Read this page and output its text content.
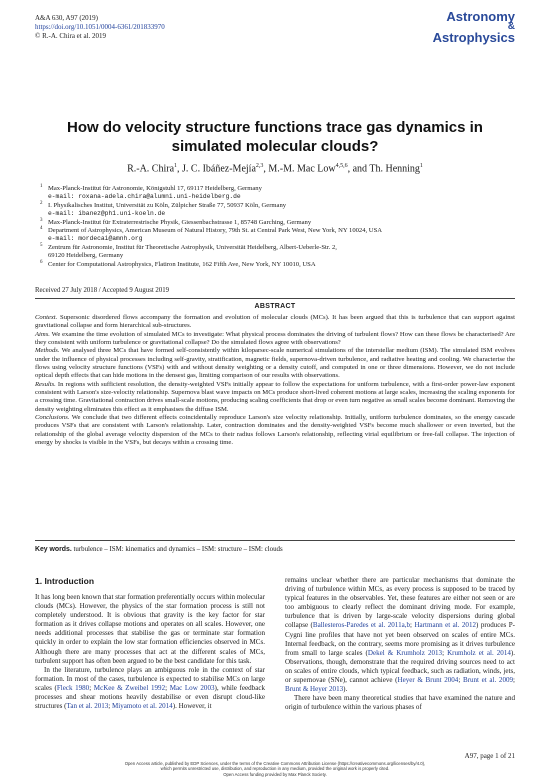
A&A 630, A97 (2019)
https://doi.org/10.1051/0004-6361/201833970
© R.-A. Chira et al. 2019
Astronomy
&
Astrophysics
How do velocity structure functions trace gas dynamics in
simulated molecular clouds?
R.-A. Chira$^1$, J. C. Ibáñez-Mejía$^{2,3}$, M.-M. Mac Low$^{4,5,6}$, and Th. Henning$^1$
1 Max-Planck-Institut für Astronomie, Königstuhl 17, 69117 Heidelberg, Germany
e-mail: roxana-adela.chira@alumni.uni-heidelberg.de
2 I. Physikalisches Institut, Universität zu Köln, Zülpicher Straße 77, 50937 Köln, Germany
e-mail: ibanez@ph1.uni-koeln.de
3 Max-Planck-Institut für Extraterrestrische Physik, Giessenbachstrasse 1, 85748 Garching, Germany
4 Department of Astrophysics, American Museum of Natural History, 79th St. at Central Park West, New York, NY 10024, USA
e-mail: mordecai@amnh.org
5 Zentrum für Astronomie, Institut für Theoretische Astrophysik, Universität Heidelberg, Albert-Ueberle-Str. 2,
69120 Heidelberg, Germany
6 Center for Computational Astrophysics, Flatiron Institute, 162 Fifth Ave, New York, NY 10010, USA
Received 27 July 2018 / Accepted 9 August 2019
ABSTRACT

Context. Supersonic disordered flows accompany the formation and evolution of molecular clouds (MCs). It has been argued that this is turbulence that can support against gravitational collapse and form hierarchical sub-structures.

Aims. We examine the time evolution of simulated MCs to investigate: What physical process dominates the driving of turbulent flows? How can these flows be characterised? Are they consistent with uniform turbulence or gravitational collapse? Do the simulated flows agree with observations?

Methods. We analysed three MCs that have formed self-consistently within kiloparsec-scale numerical simulations of the interstellar medium (ISM). The simulated ISM evolves under the influence of physical processes including self-gravity, stratification, magnetic fields, supernova-driven turbulence, and radiative heating and cooling. We characterise the flows using velocity structure functions (VSFs) with and without density weighting or a density cutoff, and computed in one or three dimensions. However, we do not include optical depth effects that can hide motions in the densest gas, limiting comparison of our results with observations.

Results. In regions with sufficient resolution, the density-weighted VSFs initially appear to follow the expectations for uniform turbulence, with a first-order power-law exponent consistent with Larson's size-velocity relationship. Supernova blast wave impacts on MCs produce short-lived coherent motions at large scales, increasing the scaling exponents for a crossing time. Gravitational contraction drives small-scale motions, producing scaling coefficients that drop or even turn negative as small scales become dominant. Removing the density weighting eliminates this effect as it emphasises the diffuse ISM.

Conclusions. We conclude that two different effects coincidentally reproduce Larson's size velocity relationship. Initially, uniform turbulence dominates, so the energy cascade produces VSFs that are consistent with Larson's relationship. Later, contraction dominates and the density-weighted VSFs become much shallower or even inverted, but the relationship of the global average velocity dispersion of the MCs to their radius follows Larson's relationship, reflecting virial equilibrium or free-fall collapse. The injection of energy by shocks is visible in the VSFs, but decays within a crossing time.

Key words. turbulence – ISM: kinematics and dynamics – ISM: structure – ISM: clouds
1. Introduction

It has long been known that star formation preferentially occurs within molecular clouds (MCs). However, the physics of the star formation process is still not completely understood. It is obvious that gravity is the key factor for star formation as it drives collapse motions and operates on all scales. However, one needs additional processes that stabilise the gas or terminate star formation quickly in order to explain the low star formation efficiencies observed in MCs. Although there are many processes that act at the different scales of MCs, turbulent support has often been argued to be the best candidate for this task.

In the literature, turbulence plays an ambiguous role in the context of star formation. In most of the cases, turbulence is expected to stabilise MCs on large scales (Fleck 1980; McKee & Zweibel 1992; Mac Low 2003), while feedback processes and shear motions heavily destabilise or even disrupt cloud-like structures (Tan et al. 2013; Miyamoto et al. 2014). However, it

remains unclear whether there are particular mechanisms that dominate the driving of turbulence within MCs, as every process is supposed to be traced by typical features in the observables. Yet, these features are either not seen or are too ambiguous to clearly reflect the dominant driving mode. For example, turbulence that is driven by large-scale velocity dispersions during global collapse (Ballesteros-Paredes et al. 2011a,b; Hartmann et al. 2012) produces P-Cygni line profiles that have not yet been observed on scales of entire MCs. Internal feedback, on the contrary, seems more promising as it drives turbulence from small to large scales (Dekel & Krumholz 2013; Krumholz et al. 2014). Observations, though, demonstrate that the required driving sources need to act on scales of entire clouds, which typical feedback, such as radiation, winds, jets, or supernovae (SNe), cannot achieve (Heyer & Brunt 2004; Brunt et al. 2009; Brunt & Heyer 2013).

There have been many theoretical studies that have examined the nature and origin of turbulence within the various phases of

A97, page 1 of 21
Open Access article, published by EDP Sciences, under the terms of the Creative Commons Attribution License (https://creativecommons.org/licenses/by/4.0),
which permits unrestricted use, distribution, and reproduction in any medium, provided the original work is properly cited.
Open Access funding provided by Max Planck Society.
